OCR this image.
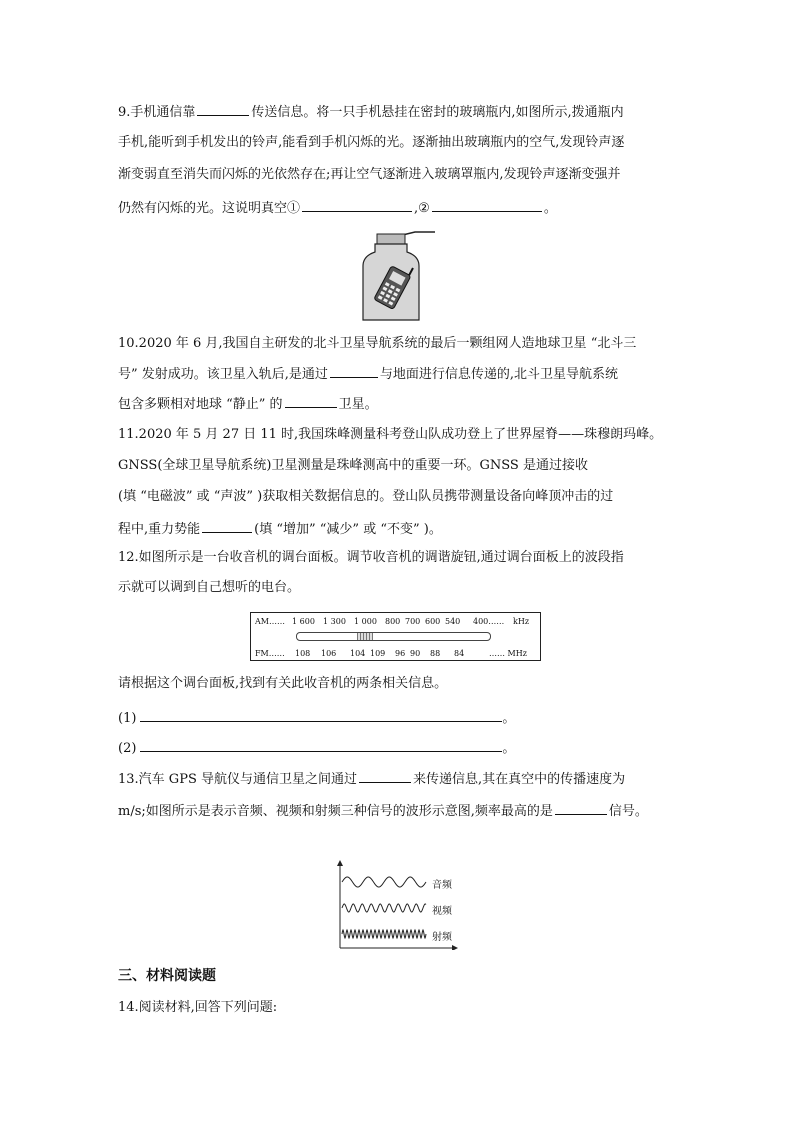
9.手机通信靠	传送信息。将一只手机悬挂在密封的玻璃瓶内,如图所示,拨通瓶内
手机,能听到手机发出的铃声,能看到手机闪烁的光。逐渐抽出玻璃瓶内的空气,发现铃声逐
渐变弱直至消失而闪烁的光依然存在;再让空气逐渐进入玻璃罩瓶内,发现铃声逐渐变强并
仍然有闪烁的光。这说明真空①	,②	。
10.2020 年 6 月,我国自主研发的北斗卫星导航系统的最后一颗组网人造地球卫星 “北斗三
号” 发射成功。该卫星入轨后,是通过	与地面进行信息传递的,北斗卫星导航系统
包含多颗相对地球 “静止” 的	卫星。
11.2020 年 5 月 27 日 11 时,我国珠峰测量科考登山队成功登上了世界屋脊——珠穆朗玛峰。
GNSS(全球卫星导航系统)卫星测量是珠峰测高中的重要一环。GNSS 是通过接收
(填 “电磁波” 或 “声波” )获取相关数据信息的。登山队员携带测量设备向峰顶冲击的过
程中,重力势能	(填 “增加” “减少” 或 “不变” )。
12.如图所示是一台收音机的调台面板。调节收音机的调谐旋钮,通过调台面板上的波段指
示就可以调到自己想听的电台。
AM…… 1 600 1 300 1 000 800 700 600 540 400…… kHz
FM…… 108 106 104 109 96 90 88 84	…… MHz
请根据这个调台面板,找到有关此收音机的两条相关信息。
(1)	。
(2)	。
13.汽车 GPS 导航仪与通信卫星之间通过	来传递信息,其在真空中的传播速度为
m/s;如图所示是表示音频、视频和射频三种信号的波形示意图,频率最高的是	信号。
音频
视频
射频
三、材料阅读题
14.阅读材料,回答下列问题:
